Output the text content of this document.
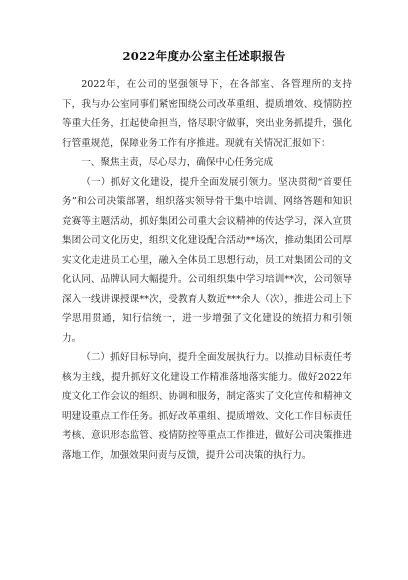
2022年度办公室主任述职报告

2022年，在公司的坚强领导下，在各部室、各管理所的支持下，我与办公室同事们紧密围绕公司改革重组、提质增效、疫情防控等重大任务，扛起使命担当，恪尽职守做事，突出业务抓提升，强化行管重规范，保障业务工作有序推进。现就有关情况汇报如下：

一、聚焦主责，尽心尽力，确保中心任务完成

（一）抓好文化建设，提升全面发展引领力。坚决贯彻“首要任务”和公司决策部署，组织落实领导骨干集中培训、网络答题和知识竞赛等主题活动，抓好集团公司重大会议精神的传达学习，深入宣贯集团公司文化历史，组织文化建设配合活动**场次，推动集团公司厚实文化走进员工心里，融入全体员工思想行动，员工对集团公司的文化认同、品牌认同大幅提升。公司组织集中学习培训**次，公司领导深入一线讲课授课**次，受教育人数近***余人（次），推进公司上下学思用贯通，知行信统一，进一步增强了文化建设的统招力和引领力。

（二）抓好目标导向，提升全面发展执行力。以推动目标责任考核为主线，提升抓好文化建设工作精准落地落实能力。做好2022年度文化工作会议的组织、协调和服务，制定落实了文化宣传和精神文明建设重点工作任务。抓好改革重组、提质增效、文化工作目标责任考核、意识形态监管、疫情防控等重点工作推进，做好公司决策推进落地工作，加强效果问责与反馈，提升公司决策的执行力。
